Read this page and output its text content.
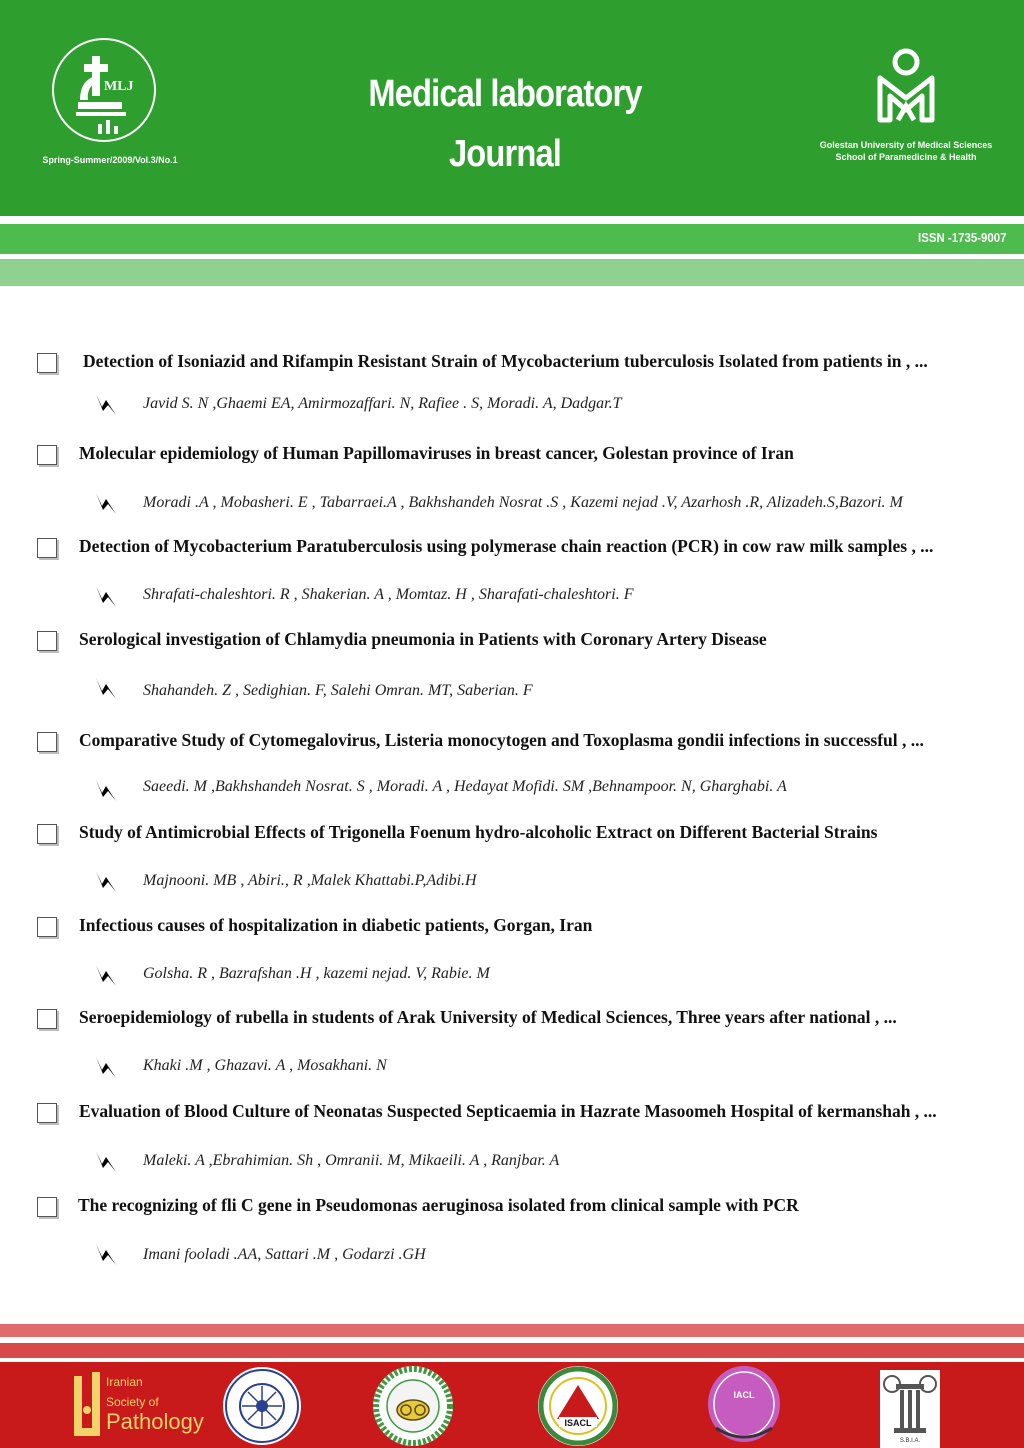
MLJ
Spring-Summer/2009/Vol.3/No.1
Medical laboratory
Journal	Golestan University of Medical Sciences
School of Paramedicine & Health
ISSN -1735-9007
Detection of Isoniazid and Rifampin Resistant Strain of Mycobacterium tuberculosis Isolated from patients in , ...
Javid S. N ,Ghaemi EA, Amirmozaffari. N, Rafiee . S, Moradi. A, Dadgar.T
Molecular epidemiology of Human Papillomaviruses in breast cancer, Golestan province of Iran
Moradi .A , Mobasheri. E , Tabarraei.A , Bakhshandeh Nosrat .S , Kazemi nejad .V, Azarhosh .R, Alizadeh.S,Bazori. M
Detection of Mycobacterium Paratuberculosis using polymerase chain reaction (PCR) in cow raw milk samples , ...
Shrafati-chaleshtori. R , Shakerian. A , Momtaz. H , Sharafati-chaleshtori. F
Serological investigation of Chlamydia pneumonia in Patients with Coronary Artery Disease
Shahandeh. Z , Sedighian. F, Salehi Omran. MT, Saberian. F
Comparative Study of Cytomegalovirus, Listeria monocytogen and Toxoplasma gondii infections in successful , ...
Saeedi. M ,Bakhshandeh Nosrat. S , Moradi. A , Hedayat Mofidi. SM ,Behnampoor. N, Gharghabi. A
Study of Antimicrobial Effects of Trigonella Foenum hydro-alcoholic Extract on Different Bacterial Strains
Majnooni. MB , Abiri., R ,Malek Khattabi.P,Adibi.H
Infectious causes of hospitalization in diabetic patients, Gorgan, Iran
Golsha. R , Bazrafshan .H , kazemi nejad. V, Rabie. M
Seroepidemiology of rubella in students of Arak University of Medical Sciences, Three years after national , ...
Khaki .M , Ghazavi. A , Mosakhani. N
Evaluation of Blood Culture of Neonatas Suspected Septicaemia in Hazrate Masoomeh Hospital of kermanshah , ...
Maleki. A ,Ebrahimian. Sh , Omranii. M, Mikaeili. A , Ranjbar. A
The recognizing of fli C gene in Pseudomonas aeruginosa isolated from clinical sample with PCR
Imani fooladi .AA, Sattari .M , Godarzi .GH
Iranian
Society of
Pathology	ISACL
IACL
S.B.I.A.
